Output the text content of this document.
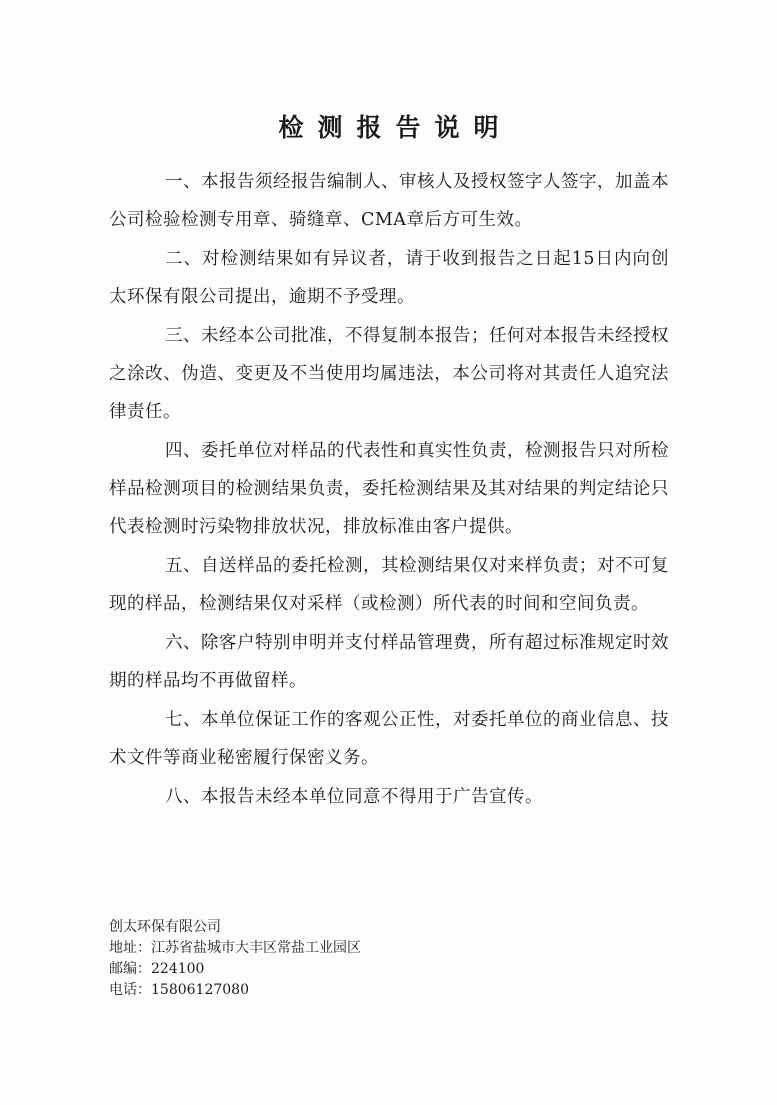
检测报告说明

一、本报告须经报告编制人、审核人及授权签字人签字，加盖本公司检验检测专用章、骑缝章、CMA章后方可生效。

二、对检测结果如有异议者，请于收到报告之日起15日内向创太环保有限公司提出，逾期不予受理。

三、未经本公司批准，不得复制本报告；任何对本报告未经授权之涂改、伪造、变更及不当使用均属违法，本公司将对其责任人追究法律责任。

四、委托单位对样品的代表性和真实性负责，检测报告只对所检样品检测项目的检测结果负责，委托检测结果及其对结果的判定结论只代表检测时污染物排放状况，排放标准由客户提供。

五、自送样品的委托检测，其检测结果仅对来样负责；对不可复现的样品，检测结果仅对采样（或检测）所代表的时间和空间负责。

六、除客户特别申明并支付样品管理费，所有超过标准规定时效期的样品均不再做留样。

七、本单位保证工作的客观公正性，对委托单位的商业信息、技术文件等商业秘密履行保密义务。

八、本报告未经本单位同意不得用于广告宣传。

创太环保有限公司
地址：江苏省盐城市大丰区常盐工业园区
邮编：224100
电话：15806127080
